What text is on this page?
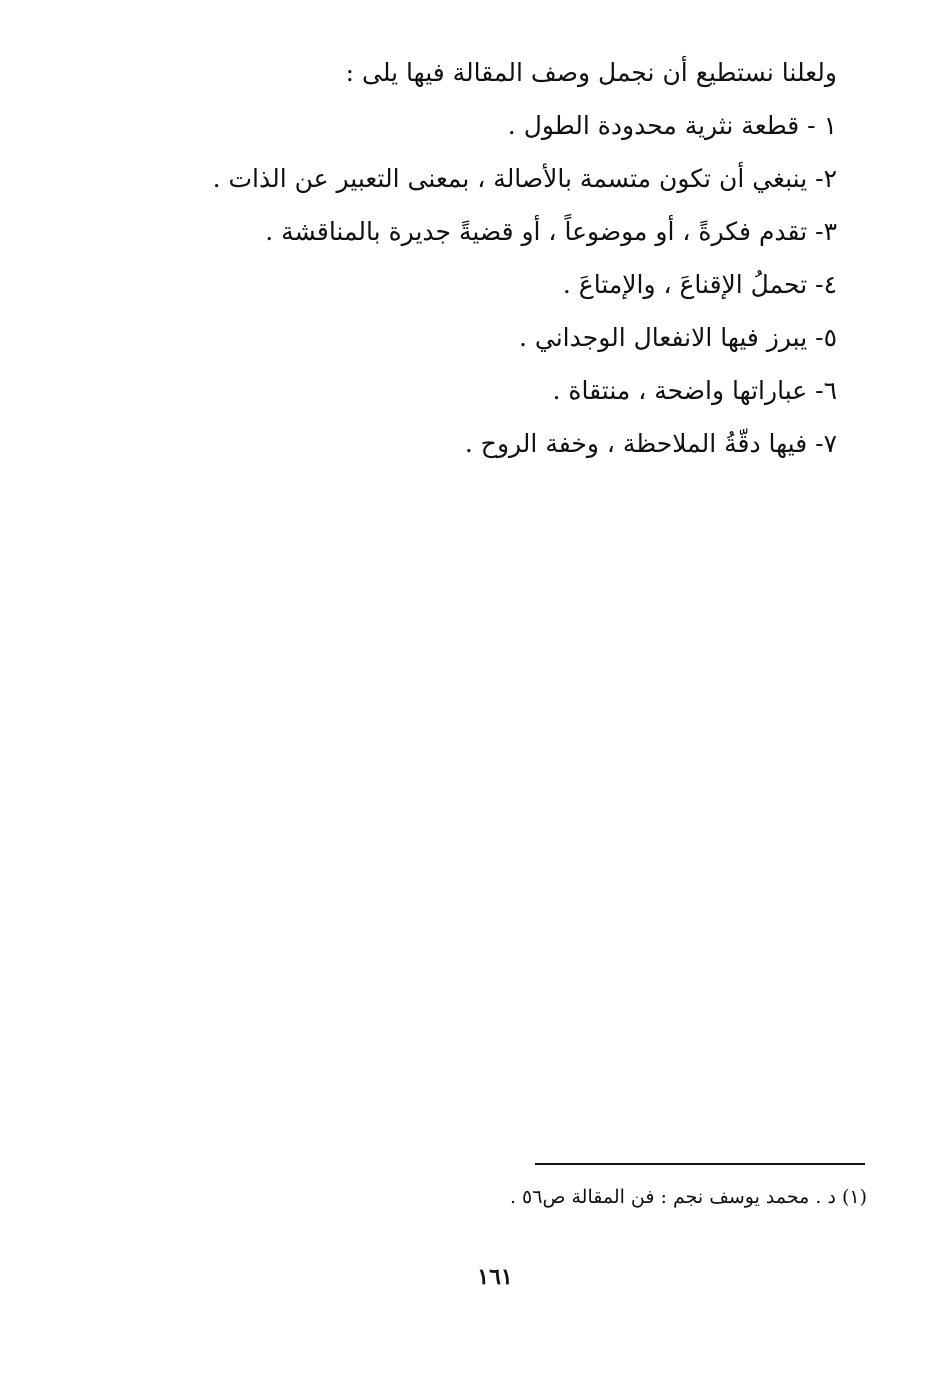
ولعلنا نستطيع أن نجمل وصف المقالة فيها يلى :
١ - قطعة نثرية محدودة الطول .
٢- ينبغي أن تكون متسمة بالأصالة ، بمعنى التعبير عن الذات .
٣- تقدم فكرةً ، أو موضوعاً ، أو قضيةً جديرة بالمناقشة .
٤- تحملُ الإقناعَ ، والإمتاعَ .
٥- يبرز فيها الانفعال الوجداني .
٦- عباراتها واضحة ، منتقاة .
٧- فيها دقّةُ الملاحظة ، وخفة الروح .
(١) د . محمد يوسف نجم : فن المقالة ص٥٦ .
١٦١
